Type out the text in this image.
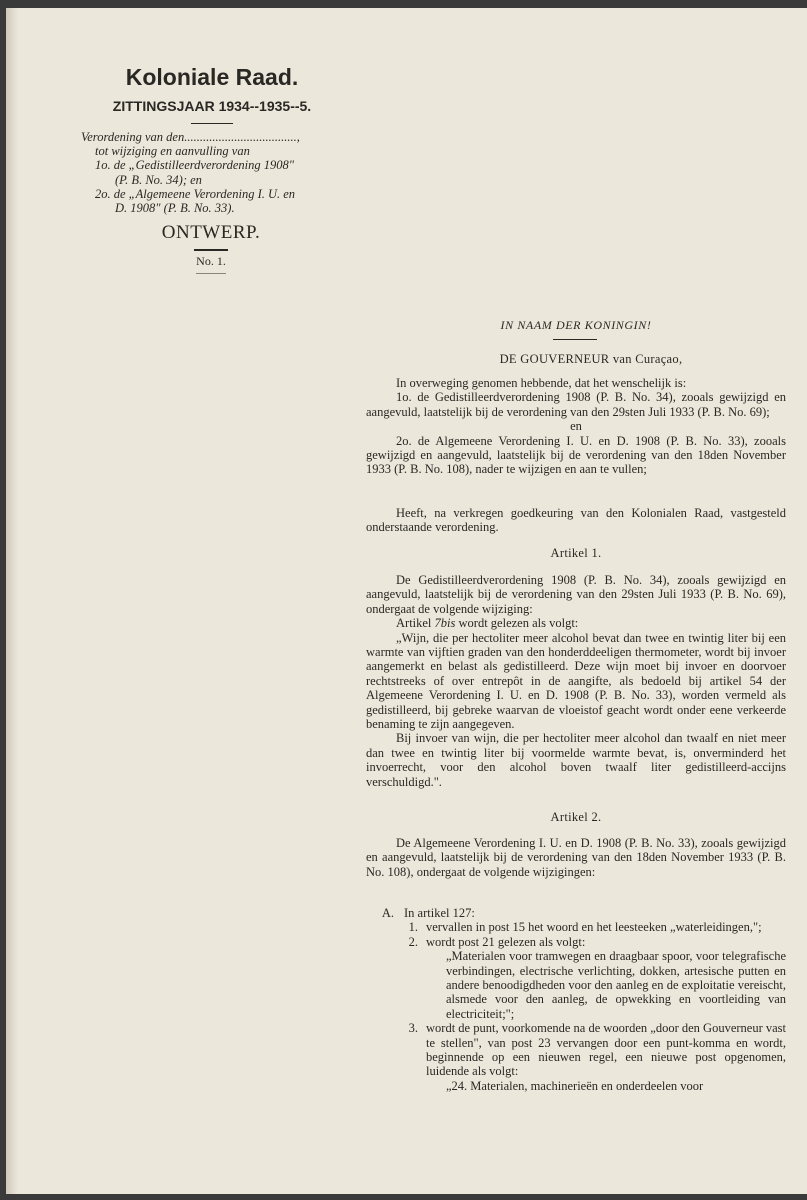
Koloniale Raad.
ZITTINGSJAAR 1934--1935--5.
Verordening van den....................................,
tot wijziging en aanvulling van
1o. de „Gedistilleerdverordening 1908"
(P. B. No. 34); en
2o. de „Algemeene Verordening I. U. en
D. 1908" (P. B. No. 33).
ONTWERP.
No. 1.
IN NAAM DER KONINGIN!
DE GOUVERNEUR van Curaçao,

In overweging genomen hebbende, dat het wenschelijk is:

1o. de Gedistilleerdverordening 1908 (P. B. No. 34), zooals gewijzigd en aangevuld, laatstelijk bij de verordening van den 29sten Juli 1933 (P. B. No. 69);

en

2o. de Algemeene Verordening I. U. en D. 1908 (P. B. No. 33), zooals gewijzigd en aangevuld, laatstelijk bij de verordening van den 18den November 1933 (P. B. No. 108), nader te wijzigen en aan te vullen;

Heeft, na verkregen goedkeuring van den Kolonialen Raad, vastgesteld onderstaande verordening.

Artikel 1.

De Gedistilleerdverordening 1908 (P. B. No. 34), zooals gewijzigd en aangevuld, laatstelijk bij de verordening van den 29sten Juli 1933 (P. B. No. 69), ondergaat de volgende wijziging:

Artikel 7bis wordt gelezen als volgt:

„Wijn, die per hectoliter meer alcohol bevat dan twee en twintig liter bij een warmte van vijftien graden van den honderddeeligen thermometer, wordt bij invoer aangemerkt en belast als gedistilleerd. Deze wijn moet bij invoer en doorvoer rechtstreeks of over entrepôt in de aangifte, als bedoeld bij artikel 54 der Algemeene Verordening I. U. en D. 1908 (P. B. No. 33), worden vermeld als gedistilleerd, bij gebreke waarvan de vloeistof geacht wordt onder eene verkeerde benaming te zijn aangegeven.

Bij invoer van wijn, die per hectoliter meer alcohol dan twaalf en niet meer dan twee en twintig liter bij voormelde warmte bevat, is, onverminderd het invoerrecht, voor den alcohol boven twaalf liter gedistilleerd-accijns verschuldigd.".

Artikel 2.

De Algemeene Verordening I. U. en D. 1908 (P. B. No. 33), zooals gewijzigd en aangevuld, laatstelijk bij de verordening van den 18den November 1933 (P. B. No. 108), ondergaat de volgende wijzigingen:

A. In artikel 127:
1. vervallen in post 15 het woord en het leesteeken „waterleidingen,";
2. wordt post 21 gelezen als volgt:
„Materialen voor tramwegen en draagbaar spoor, voor telegrafische verbindingen, electrische verlichting, dokken, artesische putten en andere benoodigdheden voor den aanleg en de exploitatie vereischt, alsmede voor den aanleg, de opwekking en voortleiding van electriciteit;";
3. wordt de punt, voorkomende na de woorden „door den Gouverneur vast te stellen", van post 23 vervangen door een punt-komma en wordt, beginnende op een nieuwen regel, een nieuwe post opgenomen, luidende als volgt:
„24. Materialen, machinerieën en onderdeelen voor
